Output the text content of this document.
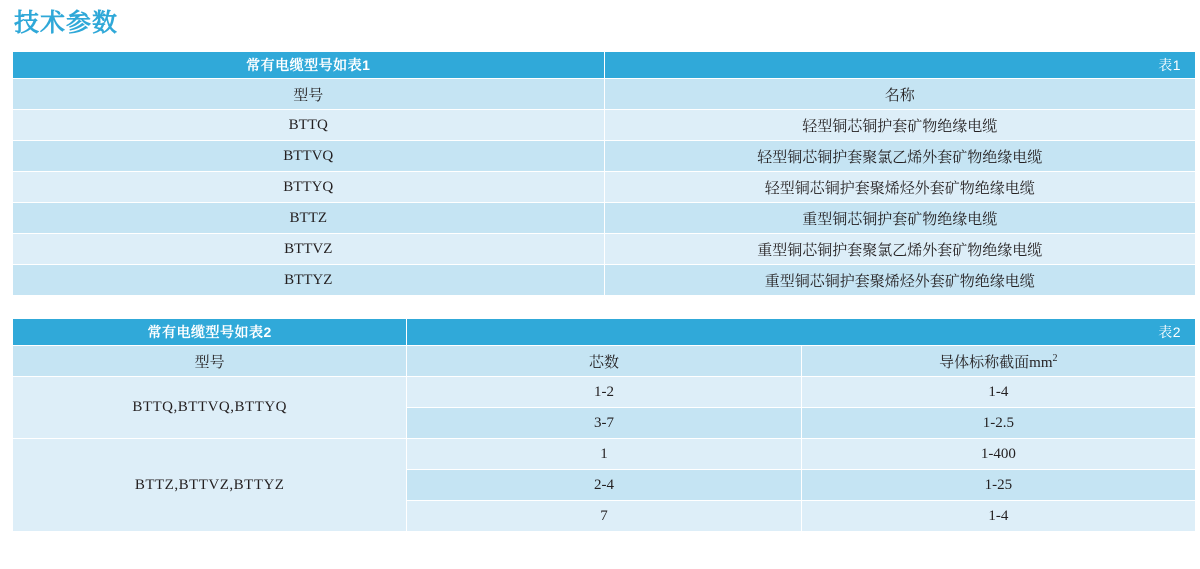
技术参数
常有电缆型号如表1	表1
型号	名称
BTTQ	轻型铜芯铜护套矿物绝缘电缆
BTTVQ	轻型铜芯铜护套聚氯乙烯外套矿物绝缘电缆
BTTYQ	轻型铜芯铜护套聚烯烃外套矿物绝缘电缆
BTTZ	重型铜芯铜护套矿物绝缘电缆
BTTVZ	重型铜芯铜护套聚氯乙烯外套矿物绝缘电缆
BTTYZ	重型铜芯铜护套聚烯烃外套矿物绝缘电缆
常有电缆型号如表2	表2	
型号	芯数	导体标称截面$mm^2$
BTTQ,BTTVQ,BTTYQ	1-2	1-4
	3-7	1-2.5
BTTZ,BTTVZ,BTTYZ	1	1-400
	2-4	1-25
	7	1-4
